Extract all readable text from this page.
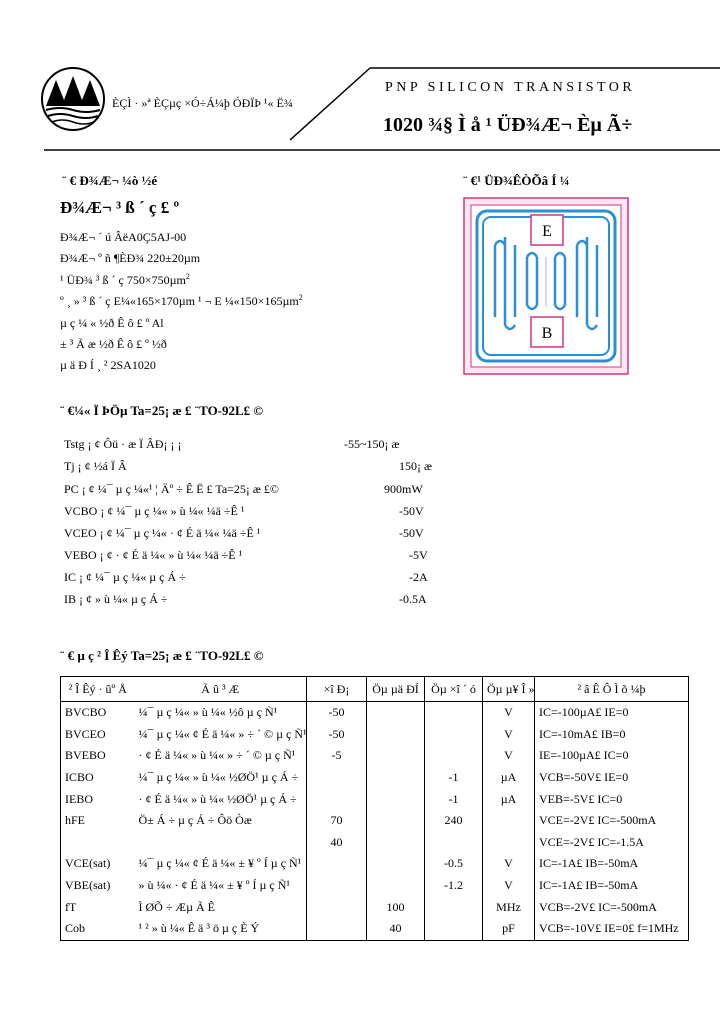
ÈÇÌ · »ª ÈÇµç ×Ó÷Á¼þ ÓÐÏÞ ¹« Ë¾
PNP SILICON TRANSISTOR
1020 ¾§ Ì å ¹ ÜÐ¾Æ¬ Èµ Ã÷
¨ € Ð¾Æ¬ ¼ò ½é
Ð¾Æ¬ ³ ß ´ ç £ º
Ð¾Æ¬ ´ ú ÂëA0Ç5AJ-00
Ð¾Æ¬ º ñ ¶ÈÐ¾ 220±20µm
¹ ÜÐ¾ ³ ß ´ ç 750×750µm$^2$
º ¸ » ³ ß ´ ç E¼«165×170µm ¹ ¬ E ¼«150×165µm$^2$
µ ç ¼ « ½ð Ê ô £ º Al
± ³ Ã æ ½ð Ê ô £ º ½ð
µ ä Ð Í ¸ ² 2SA1020
¨ €¹ ÜÐ¾ÊÒÕâ Í ¼
E
B
¨ €¼« Ï ÞÖµ Ta=25¡ æ £ ¨TO-92L£ ©
Tstg ¡ ¢ Ôü · æ Ï ÂÐ¡ ¡ ¡	-55~150¡ æ
Tj ¡ ¢ ½á Ï Â	150¡ æ
PC ¡ ¢ ¼¯ µ ç ¼«¹ ¦ Äº ÷ Ê Ë £ Ta=25¡ æ £©	900mW
VCBO ¡ ¢ ¼¯ µ ç ¼« » ù ¼« ¼ä ÷Ê ¹	-50V
VCEO ¡ ¢ ¼¯ µ ç ¼« · ¢ É ä ¼« ¼ä ÷Ê ¹	-50V
VEBO ¡ ¢ · ¢ É ä ¼« » ù ¼« ¼ä ÷Ê ¹	-5V
IC ¡ ¢ ¼¯ µ ç ¼« µ ç Á ÷	-2A
IB ¡ ¢ » ù ¼« µ ç Á ÷	-0.5A
¨ € µ ç ² Î Êý Ta=25¡ æ £ ¨TO-92L£ ©
² Î Êý · ûº Å	Ã û ³ Æ	×î Ð¡	Öµ µä ÐÍ	Öµ ×î ´ ó	Öµ µ¥ Î »	² â Ê Ô Ì õ ¼þ
BVCBO	¼¯ µ ç ¼« » ù ¼« ½ô µ ç Ñ¹	-50			V	IC=-100µA£ IE=0
BVCEO	¼¯ µ ç ¼« ¢ É ä ¼« » ÷ ´ © µ ç Ñ¹	-50			V	IC=-10mA£ IB=0
BVEBO	· ¢ É ä ¼« » ù ¼« » ÷ ´ © µ ç Ñ¹	-5			V	IE=-100µA£ IC=0
ICBO	¼¯ µ ç ¼« » ù ¼« ½ØÖ¹ µ ç Á ÷			-1	µA	VCB=-50V£ IE=0
IEBO	· ¢ É ä ¼« » ù ¼« ½ØÖ¹ µ ç Á ÷			-1	µA	VEB=-5V£ IC=0
hFE	Ö± Á ÷ µ ç Á ÷ Ôö Òæ	70		240		VCE=-2V£ IC=-500mA
		40				VCE=-2V£ IC=-1.5A
VCE(sat)	¼¯ µ ç ¼« ¢ É ä ¼« ± ¥ º Í µ ç Ñ¹			-0.5	V	IC=-1A£ IB=-50mA
VBE(sat)	» ù ¼« · ¢ É ä ¼« ± ¥ º Í µ ç Ñ¹			-1.2	V	IC=-1A£ IB=-50mA
fT	Ì ØÕ ÷ Æµ Ã Ê		100		MHz	VCB=-2V£ IC=-500mA
Cob	¹ ² » ù ¼« Ê ä ³ ö µ ç È Ý		40		pF	VCB=-10V£ IE=0£ f=1MHz
